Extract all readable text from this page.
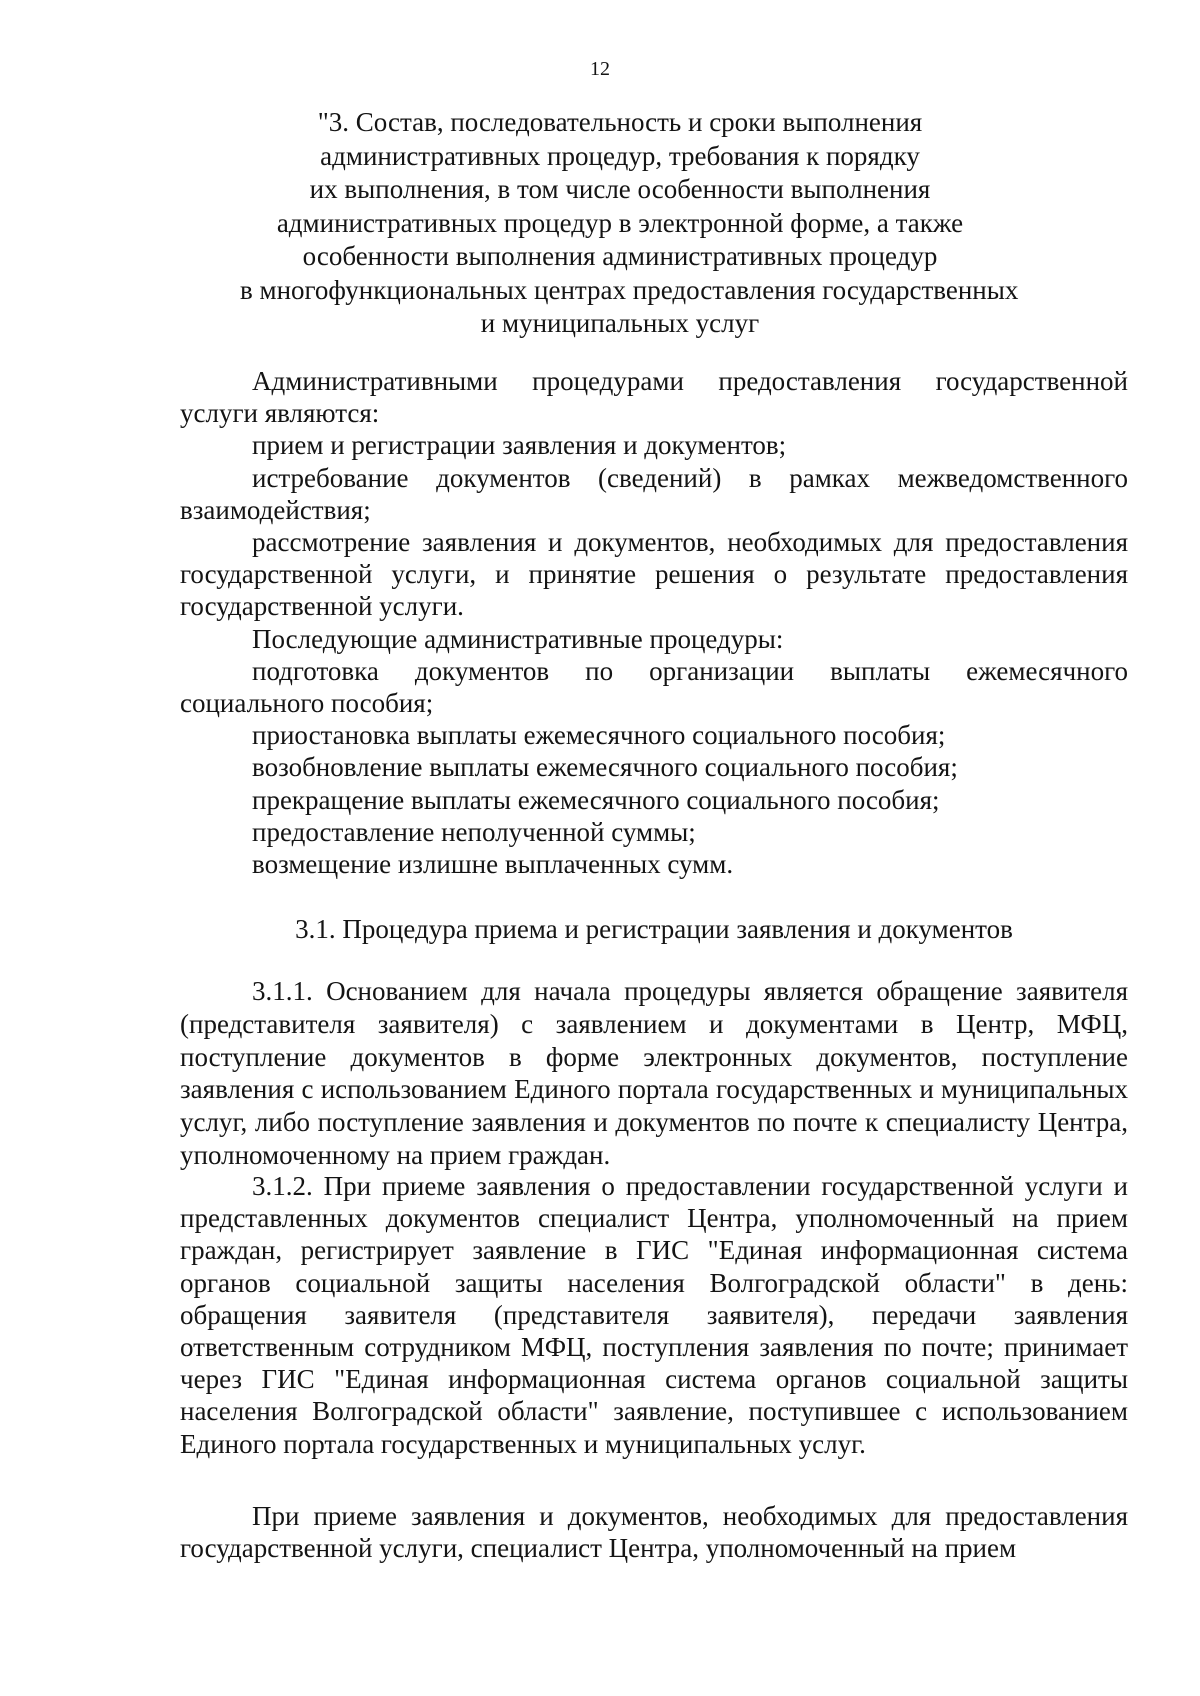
12

"3. Состав, последовательность и сроки выполнения
административных процедур, требования к порядку
их выполнения, в том числе особенности выполнения
административных процедур в электронной форме, а также
особенности выполнения административных процедур
в многофункциональных центрах предоставления государственных
и муниципальных услуг

Административными процедурами предоставления государственной услуги являются:

прием и регистрации заявления и документов;

истребование документов (сведений) в рамках межведомственного взаимодействия;

рассмотрение заявления и документов, необходимых для предоставления государственной услуги, и принятие решения о результате предоставления государственной услуги.

Последующие административные процедуры:

подготовка документов по организации выплаты ежемесячного социального пособия;

приостановка выплаты ежемесячного социального пособия;

возобновление выплаты ежемесячного социального пособия;

прекращение выплаты ежемесячного социального пособия;

предоставление неполученной суммы;

возмещение излишне выплаченных сумм.

3.1. Процедура приема и регистрации заявления и документов

3.1.1. Основанием для начала процедуры является обращение заявителя (представителя заявителя) с заявлением и документами в Центр, МФЦ, поступление документов в форме электронных документов, поступление заявления с использованием Единого портала государственных и муниципальных услуг, либо поступление заявления и документов по почте к специалисту Центра, уполномоченному на прием граждан.

3.1.2. При приеме заявления о предоставлении государственной услуги и представленных документов специалист Центра, уполномоченный на прием граждан, регистрирует заявление в ГИС "Единая информационная система органов социальной защиты населения Волгоградской области" в день: обращения заявителя (представителя заявителя), передачи заявления ответственным сотрудником МФЦ, поступления заявления по почте; принимает через ГИС "Единая информационная система органов социальной защиты населения Волгоградской области" заявление, поступившее с использованием Единого портала государственных и муниципальных услуг.

При приеме заявления и документов, необходимых для предоставления государственной услуги, специалист Центра, уполномоченный на прием
